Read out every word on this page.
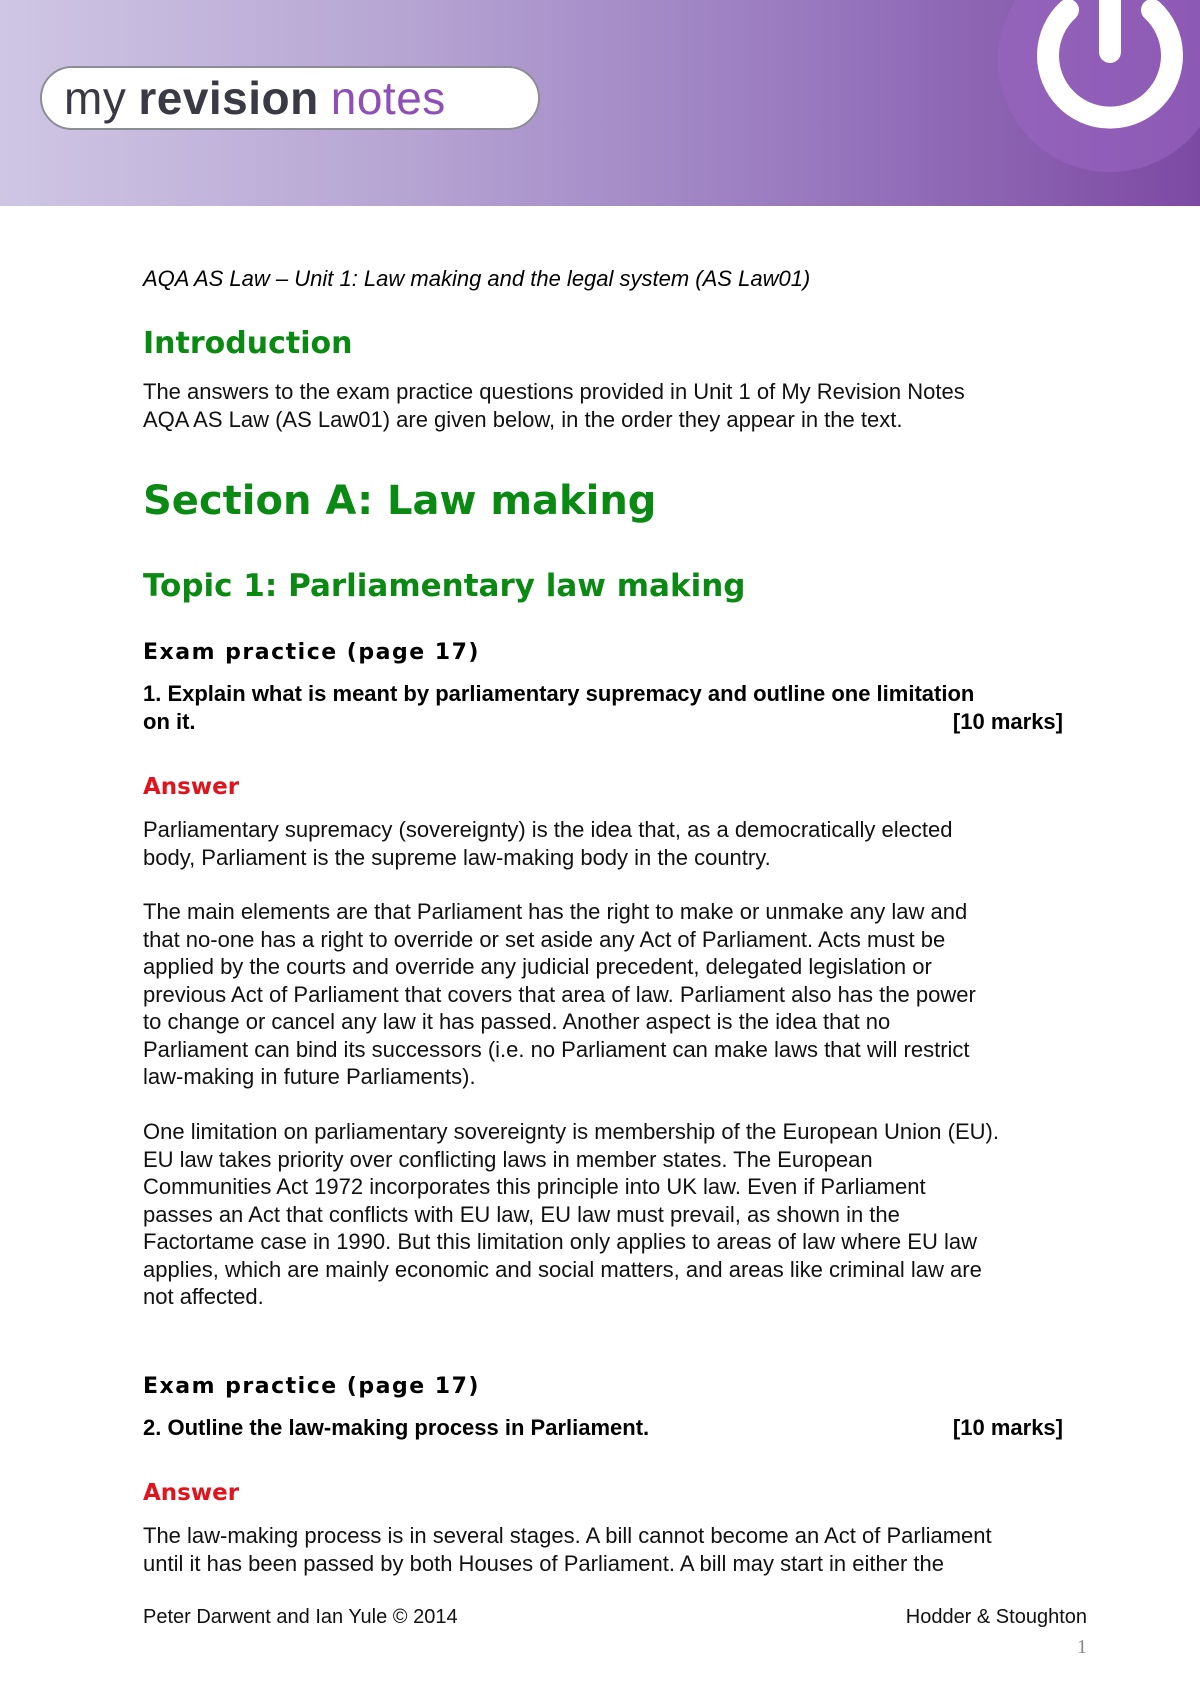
my revision notes

AQA AS Law – Unit 1: Law making and the legal system (AS Law01)

Introduction

The answers to the exam practice questions provided in Unit 1 of My Revision Notes

AQA AS Law (AS Law01) are given below, in the order they appear in the text.

Section A: Law making
Topic 1: Parliamentary law making

Exam practice (page 17)

1. Explain what is meant by parliamentary supremacy and outline one limitation
on it.	[10 marks]

Answer

Parliamentary supremacy (sovereignty) is the idea that, as a democratically elected

body, Parliament is the supreme law-making body in the country.

The main elements are that Parliament has the right to make or unmake any law and

that no-one has a right to override or set aside any Act of Parliament. Acts must be

applied by the courts and override any judicial precedent, delegated legislation or

previous Act of Parliament that covers that area of law. Parliament also has the power

to change or cancel any law it has passed. Another aspect is the idea that no

Parliament can bind its successors (i.e. no Parliament can make laws that will restrict

law-making in future Parliaments).

One limitation on parliamentary sovereignty is membership of the European Union (EU).

EU law takes priority over conflicting laws in member states. The European

Communities Act 1972 incorporates this principle into UK law. Even if Parliament

passes an Act that conflicts with EU law, EU law must prevail, as shown in the

Factortame case in 1990. But this limitation only applies to areas of law where EU law

applies, which are mainly economic and social matters, and areas like criminal law are

not affected.

Exam practice (page 17)

2. Outline the law-making process in Parliament.	[10 marks]

Answer

The law-making process is in several stages. A bill cannot become an Act of Parliament

until it has been passed by both Houses of Parliament. A bill may start in either the

Peter Darwent and Ian Yule © 2014	Hodder & Stoughton
1
